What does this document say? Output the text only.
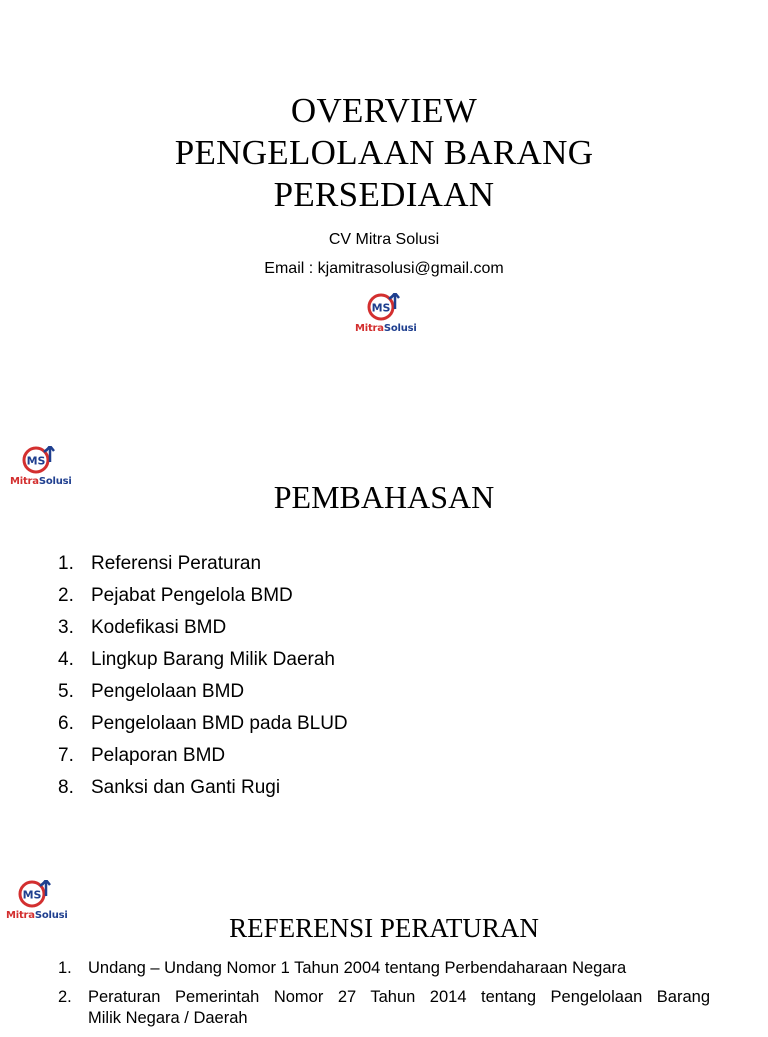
OVERVIEW
PENGELOLAAN BARANG
PERSEDIAAN
CV Mitra Solusi
Email : kjamitrasolusi@gmail.com
MS
MitraSolusi
MS
MitraSolusi	PEMBAHASAN
1. Referensi Peraturan
2. Pejabat Pengelola BMD
3. Kodefikasi BMD
4. Lingkup Barang Milik Daerah
5. Pengelolaan BMD
6. Pengelolaan BMD pada BLUD
7. Pelaporan BMD
8. Sanksi dan Ganti Rugi
MS
MitraSolusi	REFERENSI PERATURAN
1. Undang – Undang Nomor 1 Tahun 2004 tentang Perbendaharaan Negara
2. Peraturan Pemerintah Nomor 27 Tahun 2014 tentang Pengelolaan Barang
Milik Negara / Daerah
